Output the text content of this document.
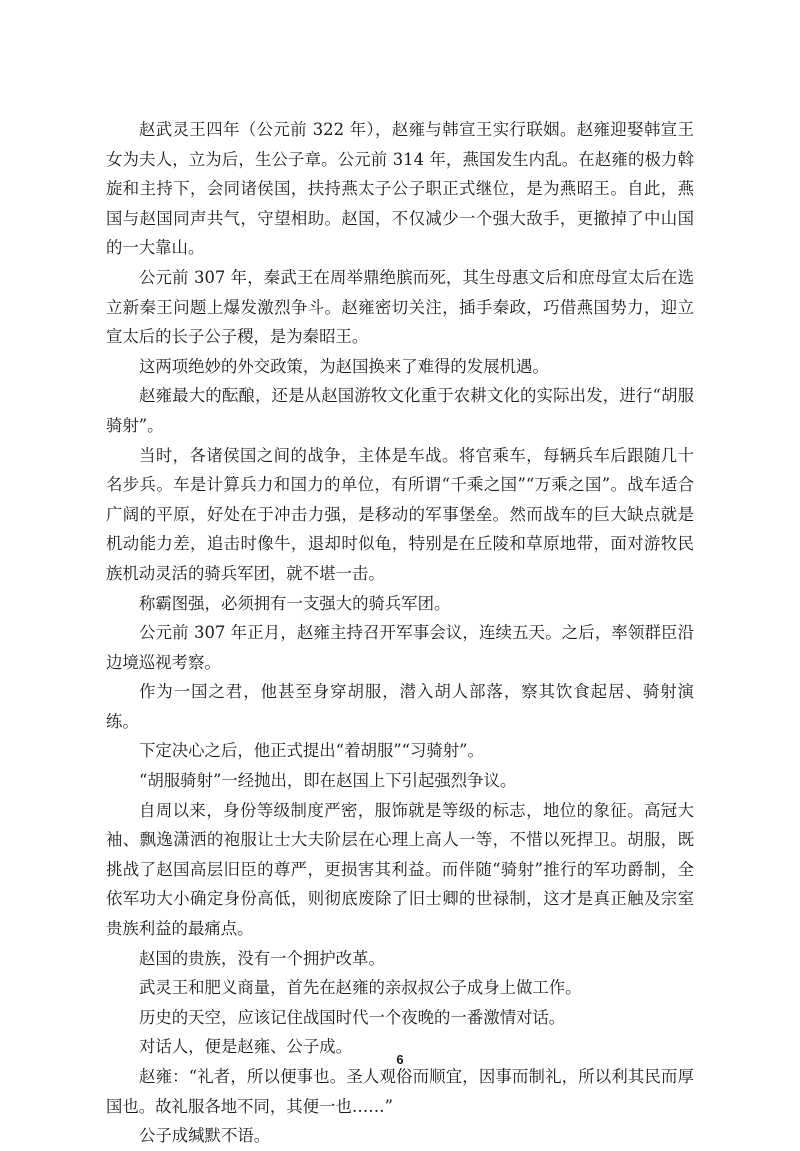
赵武灵王四年（公元前 322 年），赵雍与韩宣王实行联姻。赵雍迎娶韩宣王女为夫人，立为后，生公子章。公元前 314 年，燕国发生内乱。在赵雍的极力斡旋和主持下，会同诸侯国，扶持燕太子公子职正式继位，是为燕昭王。自此，燕国与赵国同声共气，守望相助。赵国，不仅减少一个强大敌手，更撤掉了中山国的一大靠山。

公元前 307 年，秦武王在周举鼎绝膑而死，其生母惠文后和庶母宣太后在选立新秦王问题上爆发激烈争斗。赵雍密切关注，插手秦政，巧借燕国势力，迎立宣太后的长子公子稷，是为秦昭王。

这两项绝妙的外交政策，为赵国换来了难得的发展机遇。

赵雍最大的酝酿，还是从赵国游牧文化重于农耕文化的实际出发，进行“胡服骑射”。

当时，各诸侯国之间的战争，主体是车战。将官乘车，每辆兵车后跟随几十名步兵。车是计算兵力和国力的单位，有所谓“千乘之国”“万乘之国”。战车适合广阔的平原，好处在于冲击力强，是移动的军事堡垒。然而战车的巨大缺点就是机动能力差，追击时像牛，退却时似龟，特别是在丘陵和草原地带，面对游牧民族机动灵活的骑兵军团，就不堪一击。

称霸图强，必须拥有一支强大的骑兵军团。

公元前 307 年正月，赵雍主持召开军事会议，连续五天。之后，率领群臣沿边境巡视考察。

作为一国之君，他甚至身穿胡服，潜入胡人部落，察其饮食起居、骑射演练。

下定决心之后，他正式提出“着胡服”“习骑射”。

“胡服骑射”一经抛出，即在赵国上下引起强烈争议。

自周以来，身份等级制度严密，服饰就是等级的标志，地位的象征。高冠大袖、飘逸潇洒的袍服让士大夫阶层在心理上高人一等，不惜以死捍卫。胡服，既挑战了赵国高层旧臣的尊严，更损害其利益。而伴随“骑射”推行的军功爵制，全依军功大小确定身份高低，则彻底废除了旧士卿的世禄制，这才是真正触及宗室贵族利益的最痛点。

赵国的贵族，没有一个拥护改革。

武灵王和肥义商量，首先在赵雍的亲叔叔公子成身上做工作。

历史的天空，应该记住战国时代一个夜晚的一番激情对话。

对话人，便是赵雍、公子成。

赵雍：“礼者，所以便事也。圣人观俗而顺宜，因事而制礼，所以利其民而厚国也。故礼服各地不同，其便一也……”

公子成缄默不语。

6
